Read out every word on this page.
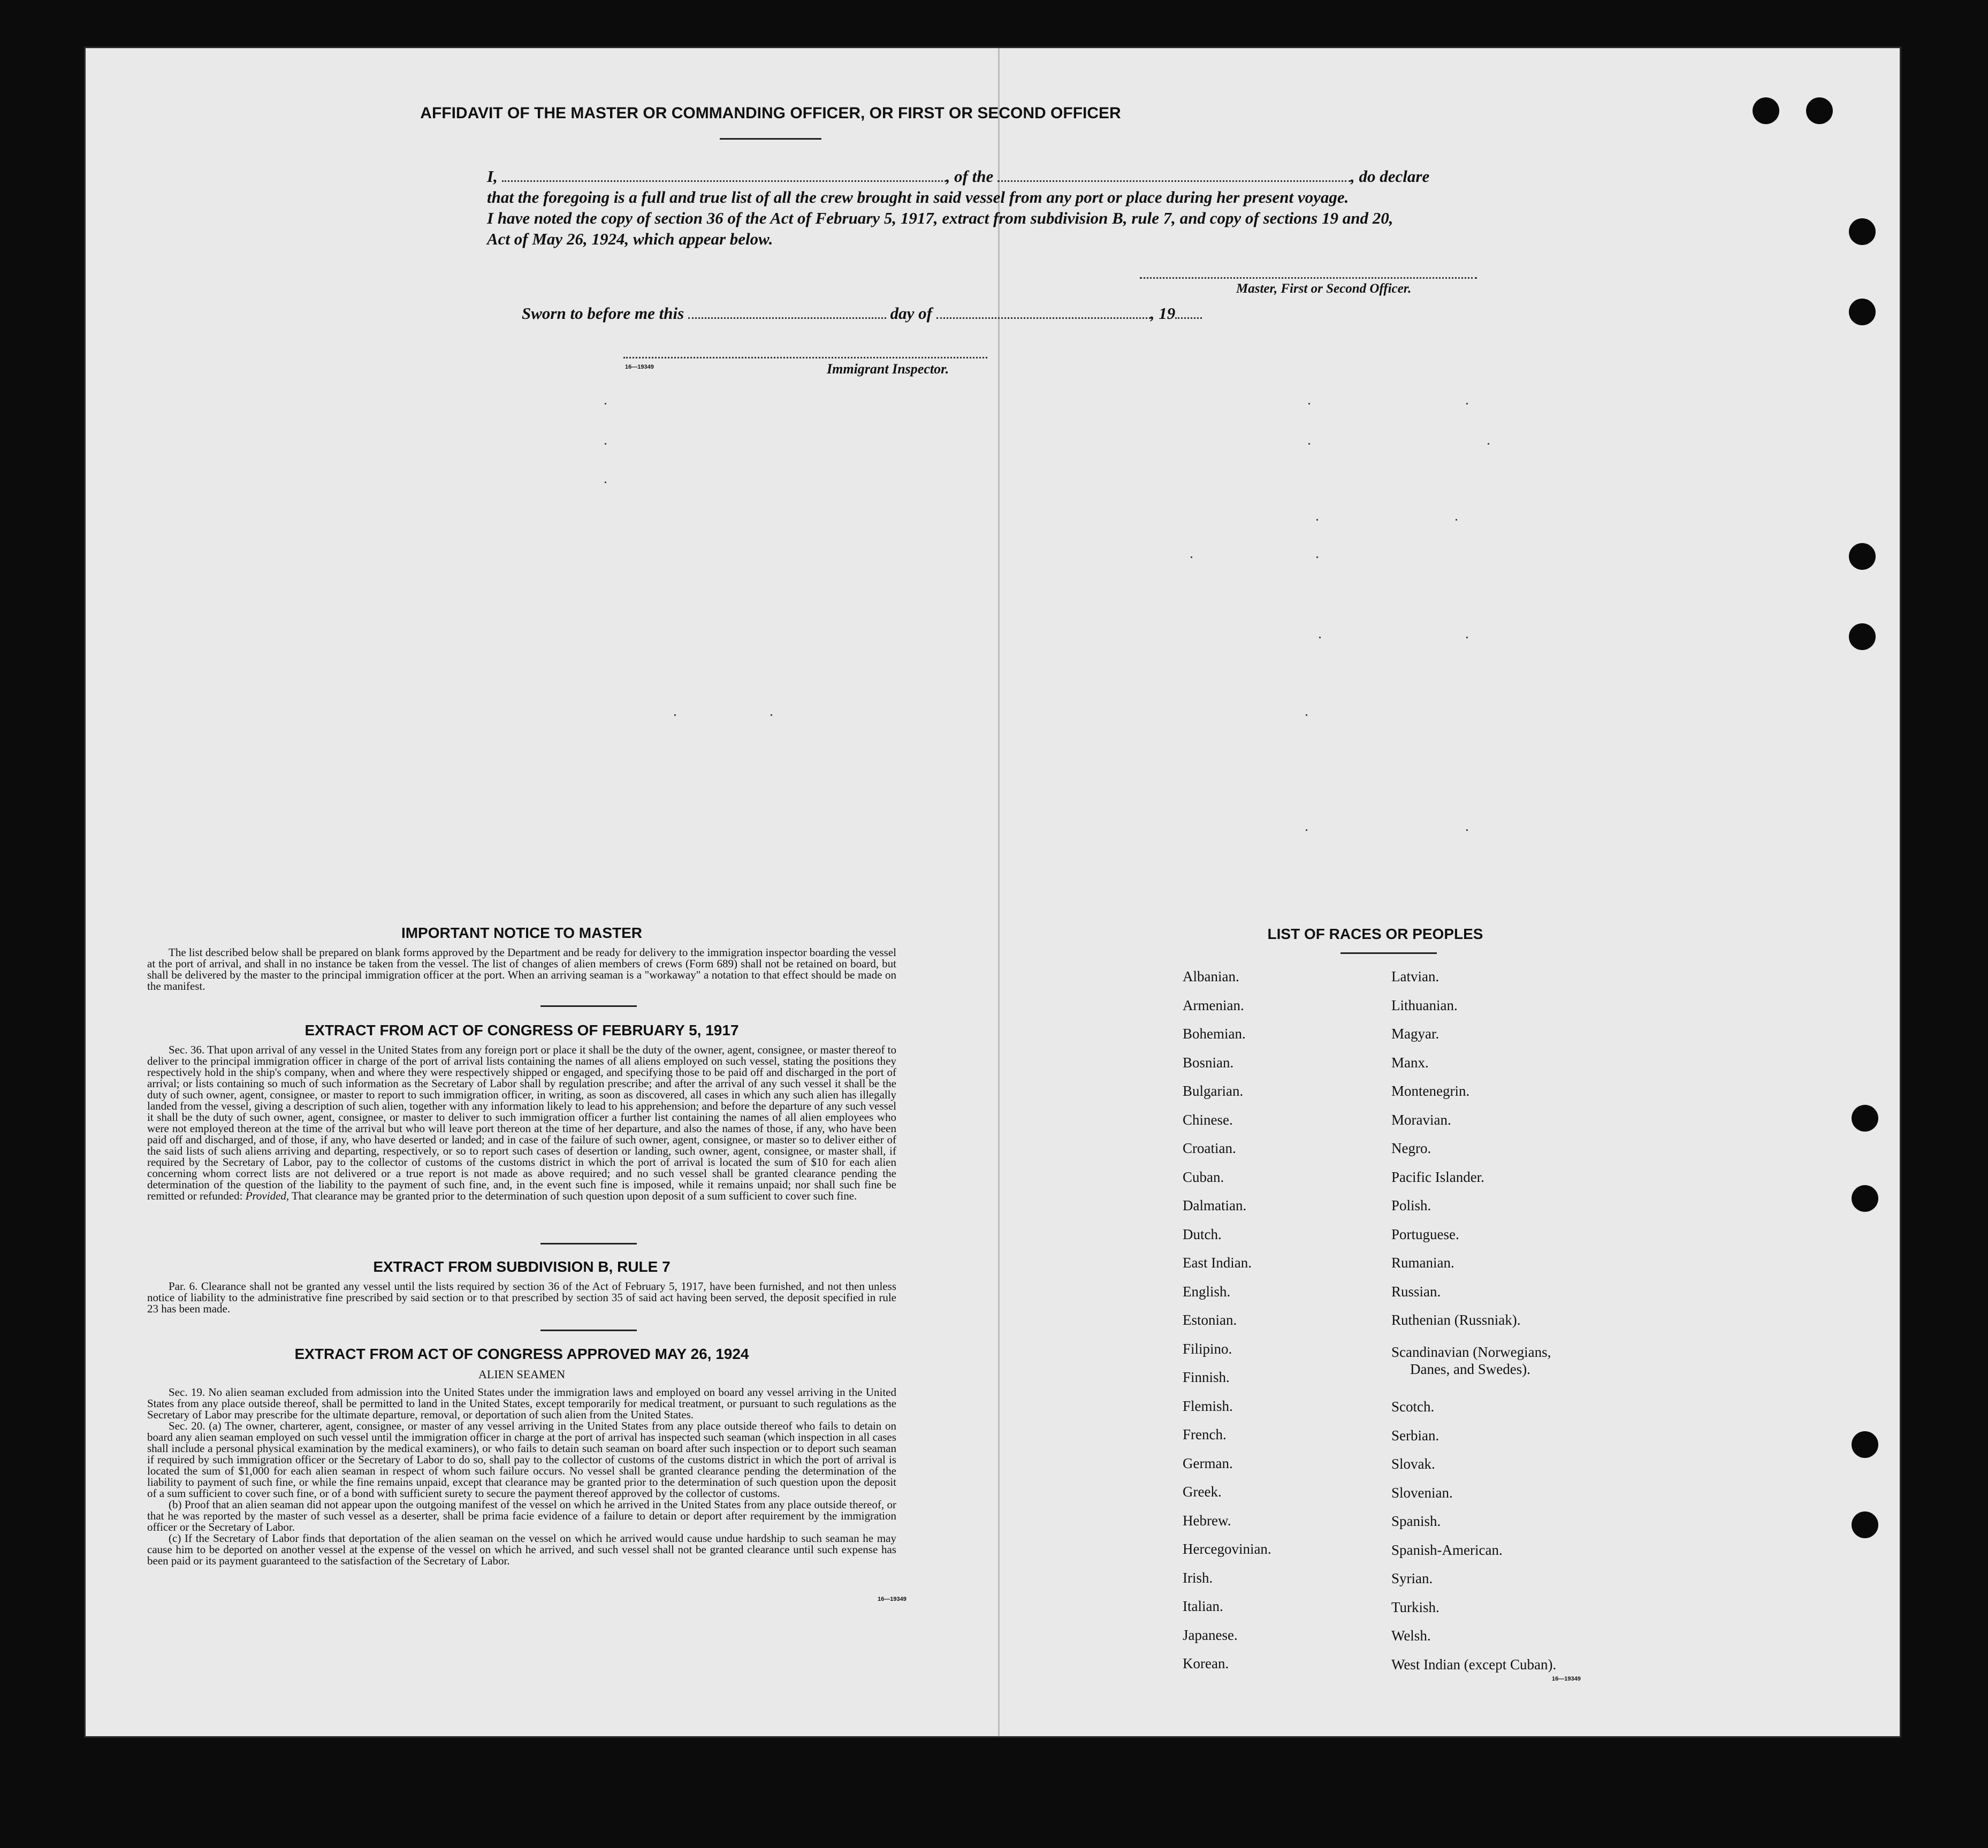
AFFIDAVIT OF THE MASTER OR COMMANDING OFFICER, OR FIRST OR SECOND OFFICER
I,	, of the	, do declare
that the foregoing is a full and true list of all the crew brought in said vessel from any port or place during her present voyage.
I have noted the copy of section 36 of the Act of February 5, 1917, extract from subdivision B, rule 7, and copy of sections 19 and 20,
Act of May 26, 1924, which appear below.
Master, First or Second Officer.
Sworn to before me this	day of	, 19
16—19349	Immigrant Inspector.
IMPORTANT NOTICE TO MASTER

The list described below shall be prepared on blank forms approved by the Department and be ready for delivery to the immigration inspector boarding the vessel at the port of arrival, and shall in no instance be taken from the vessel. The list of changes of alien members of crews (Form 689) shall not be retained on board, but shall be delivered by the master to the principal immigration officer at the port. When an arriving seaman is a "workaway" a notation to that effect should be made on the manifest.

EXTRACT FROM ACT OF CONGRESS OF FEBRUARY 5, 1917

Sec. 36. That upon arrival of any vessel in the United States from any foreign port or place it shall be the duty of the owner, agent, consignee, or master thereof to deliver to the principal immigration officer in charge of the port of arrival lists containing the names of all aliens employed on such vessel, stating the positions they respectively hold in the ship's company, when and where they were respectively shipped or engaged, and specifying those to be paid off and discharged in the port of arrival; or lists containing so much of such information as the Secretary of Labor shall by regulation prescribe; and after the arrival of any such vessel it shall be the duty of such owner, agent, consignee, or master to report to such immigration officer, in writing, as soon as discovered, all cases in which any such alien has illegally landed from the vessel, giving a description of such alien, together with any information likely to lead to his apprehension; and before the departure of any such vessel it shall be the duty of such owner, agent, consignee, or master to deliver to such immigration officer a further list containing the names of all alien employees who were not employed thereon at the time of the arrival but who will leave port thereon at the time of her departure, and also the names of those, if any, who have been paid off and discharged, and of those, if any, who have deserted or landed; and in case of the failure of such owner, agent, consignee, or master so to deliver either of the said lists of such aliens arriving and departing, respectively, or so to report such cases of desertion or landing, such owner, agent, consignee, or master shall, if required by the Secretary of Labor, pay to the collector of customs of the customs district in which the port of arrival is located the sum of $10 for each alien concerning whom correct lists are not delivered or a true report is not made as above required; and no such vessel shall be granted clearance pending the determination of the question of the liability to the payment of such fine, and, in the event such fine is imposed, while it remains unpaid; nor shall such fine be remitted or refunded: Provided, That clearance may be granted prior to the determination of such question upon deposit of a sum sufficient to cover such fine.

EXTRACT FROM SUBDIVISION B, RULE 7

Par. 6. Clearance shall not be granted any vessel until the lists required by section 36 of the Act of February 5, 1917, have been furnished, and not then unless notice of liability to the administrative fine prescribed by said section or to that prescribed by section 35 of said act having been served, the deposit specified in rule 23 has been made.

EXTRACT FROM ACT OF CONGRESS APPROVED MAY 26, 1924
ALIEN SEAMEN

Sec. 19. No alien seaman excluded from admission into the United States under the immigration laws and employed on board any vessel arriving in the United States from any place outside thereof, shall be permitted to land in the United States, except temporarily for medical treatment, or pursuant to such regulations as the Secretary of Labor may prescribe for the ultimate departure, removal, or deportation of such alien from the United States.

Sec. 20. (a) The owner, charterer, agent, consignee, or master of any vessel arriving in the United States from any place outside thereof who fails to detain on board any alien seaman employed on such vessel until the immigration officer in charge at the port of arrival has inspected such seaman (which inspection in all cases shall include a personal physical examination by the medical examiners), or who fails to detain such seaman on board after such inspection or to deport such seaman if required by such immigration officer or the Secretary of Labor to do so, shall pay to the collector of customs of the customs district in which the port of arrival is located the sum of $1,000 for each alien seaman in respect of whom such failure occurs. No vessel shall be granted clearance pending the determination of the liability to payment of such fine, or while the fine remains unpaid, except that clearance may be granted prior to the determination of such question upon the deposit of a sum sufficient to cover such fine, or of a bond with sufficient surety to secure the payment thereof approved by the collector of customs.

(b) Proof that an alien seaman did not appear upon the outgoing manifest of the vessel on which he arrived in the United States from any place outside thereof, or that he was reported by the master of such vessel as a deserter, shall be prima facie evidence of a failure to detain or deport after requirement by the immigration officer or the Secretary of Labor.

(c) If the Secretary of Labor finds that deportation of the alien seaman on the vessel on which he arrived would cause undue hardship to such seaman he may cause him to be deported on another vessel at the expense of the vessel on which he arrived, and such vessel shall not be granted clearance until such expense has been paid or its payment guaranteed to the satisfaction of the Secretary of Labor.

16—19349
LIST OF RACES OR PEOPLES
Albanian.
Armenian.
Bohemian.
Bosnian.
Bulgarian.
Chinese.
Croatian.
Cuban.
Dalmatian.
Dutch.
East Indian.
English.
Estonian.
Filipino.
Finnish.
Flemish.
French.
German.
Greek.
Hebrew.
Hercegovinian.
Irish.
Italian.
Japanese.
Korean.
Latvian.
Lithuanian.
Magyar.
Manx.
Montenegrin.
Moravian.
Negro.
Pacific Islander.
Polish.
Portuguese.
Rumanian.
Russian.
Ruthenian (Russniak).
Scandinavian (Norwegians,
Danes, and Swedes).
Scotch.
Serbian.
Slovak.
Slovenian.
Spanish.
Spanish-American.
Syrian.
Turkish.
Welsh.
West Indian (except Cuban).
16—19349
